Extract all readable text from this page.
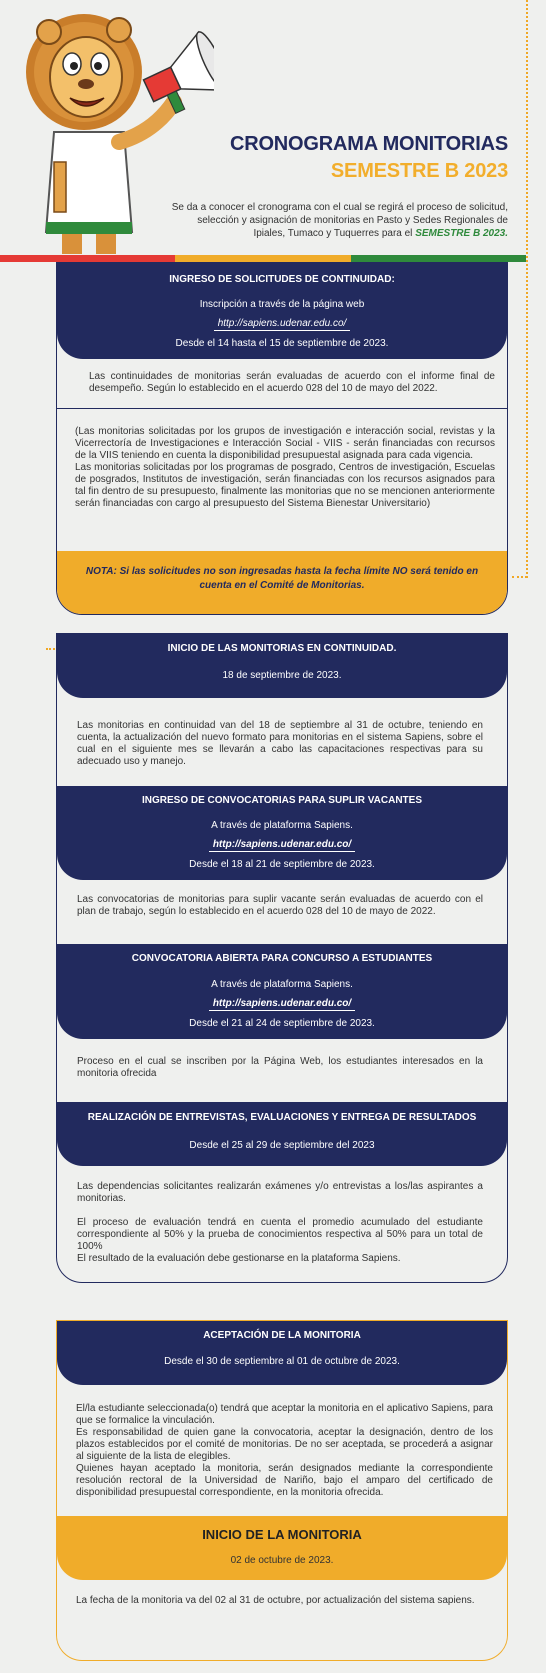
CRONOGRAMA MONITORIAS
SEMESTRE B 2023
Se da a conocer el cronograma con el cual se regirá el proceso de solicitud, selección y asignación de monitorias en Pasto y Sedes Regionales de Ipiales, Tumaco y Tuquerres para el SEMESTRE B 2023.
INGRESO DE SOLICITUDES DE CONTINUIDAD:
Inscripción a través de la página web
http://sapiens.udenar.edu.co/
Desde el 14 hasta el 15 de septiembre de 2023.
Las continuidades de monitorias serán evaluadas de acuerdo con el informe final de desempeño. Según lo establecido en el acuerdo 028 del 10 de mayo del 2022.
(Las monitorias solicitadas por los grupos de investigación e interacción social, revistas y la Vicerrectoría de Investigaciones e Interacción Social - VIIS - serán financiadas con recursos de la VIIS teniendo en cuenta la disponibilidad presupuestal asignada para cada vigencia.
Las monitorias solicitadas por los programas de posgrado, Centros de investigación, Escuelas de posgrados, Institutos de investigación, serán financiadas con los recursos asignados para tal fin dentro de su presupuesto, finalmente las monitorias que no se mencionen anteriormente serán financiadas con cargo al presupuesto del Sistema Bienestar Universitario)
NOTA: Si las solicitudes no son ingresadas hasta la fecha límite NO será tenido en cuenta en el Comité de Monitorias.
INICIO DE LAS MONITORIAS EN CONTINUIDAD.
18 de septiembre de 2023.
Las monitorias en continuidad van del 18 de septiembre al 31 de octubre, teniendo en cuenta, la actualización del nuevo formato para monitorias en el sistema Sapiens, sobre el cual en el siguiente mes se llevarán a cabo las capacitaciones respectivas para su adecuado uso y manejo.
INGRESO DE CONVOCATORIAS PARA SUPLIR VACANTES
A través de plataforma Sapiens.
http://sapiens.udenar.edu.co/
Desde el 18 al 21 de septiembre de 2023.
Las convocatorias de monitorias para suplir vacante serán evaluadas de acuerdo con el plan de trabajo, según lo establecido en el acuerdo 028 del 10 de mayo de 2022.
CONVOCATORIA ABIERTA PARA CONCURSO A ESTUDIANTES
A través de plataforma Sapiens.
http://sapiens.udenar.edu.co/
Desde el 21 al 24 de septiembre de 2023.
Proceso en el cual se inscriben por la Página Web, los estudiantes interesados en la monitoria ofrecida
REALIZACIÓN DE ENTREVISTAS, EVALUACIONES Y ENTREGA DE RESULTADOS
Desde el 25 al 29 de septiembre del 2023
Las dependencias solicitantes realizarán exámenes y/o entrevistas a los/las aspirantes a monitorias.
El proceso de evaluación tendrá en cuenta el promedio acumulado del estudiante correspondiente al 50% y la prueba de conocimientos respectiva al 50% para un total de 100%
El resultado de la evaluación debe gestionarse en la plataforma Sapiens.
ACEPTACIÓN DE LA MONITORIA
Desde el 30 de septiembre al 01 de octubre de 2023.
El/la estudiante seleccionada(o) tendrá que aceptar la monitoria en el aplicativo Sapiens, para que se formalice la vinculación.
Es responsabilidad de quien gane la convocatoria, aceptar la designación, dentro de los plazos establecidos por el comité de monitorias. De no ser aceptada, se procederá a asignar al siguiente de la lista de elegibles.
Quienes hayan aceptado la monitoria, serán designados mediante la correspondiente resolución rectoral de la Universidad de Nariño, bajo el amparo del certificado de disponibilidad presupuestal correspondiente, en la monitoria ofrecida.
INICIO DE LA MONITORIA
02 de octubre de 2023.
La fecha de la monitoria va del 02 al 31 de octubre, por actualización del sistema sapiens.
